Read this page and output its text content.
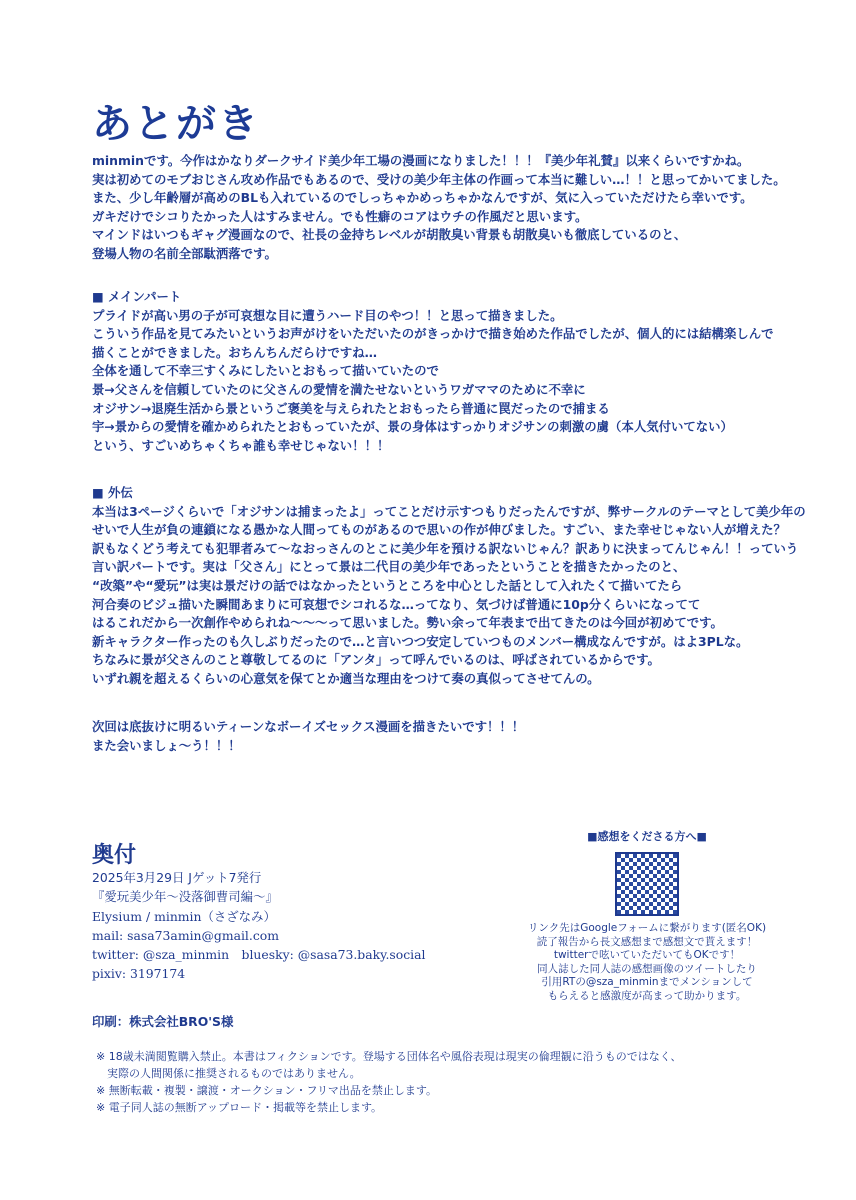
あとがき
minminです。今作はかなりダークサイド美少年工場の漫画になりました！！！『美少年礼賛』以来くらいですかね。
実は初めてのモブおじさん攻め作品でもあるので、受けの美少年主体の作画って本当に難しい…！！と思ってかいてました。
また、少し年齢層が高めのBLも入れているのでしっちゃかめっちゃかなんですが、気に入っていただけたら幸いです。
ガキだけでシコりたかった人はすみません。でも性癖のコアはウチの作風だと思います。
マインドはいつもギャグ漫画なので、社長の金持ちレベルが胡散臭い背景も胡散臭いも徹底しているのと、
登場人物の名前全部駄洒落です。
■ メインパート
プライドが高い男の子が可哀想な目に遭うハード目のやつ！！と思って描きました。
こういう作品を見てみたいというお声がけをいただいたのがきっかけで描き始めた作品でしたが、個人的には結構楽しんで
描くことができました。おちんちんだらけですね…
全体を通して不幸三すくみにしたいとおもって描いていたので
景→父さんを信頼していたのに父さんの愛情を満たせないというワガママのために不幸に
オジサン→退廃生活から景というご褒美を与えられたとおもったら普通に罠だったので捕まる
宇→景からの愛情を確かめられたとおもっていたが、景の身体はすっかりオジサンの刺激の虜（本人気付いてない）
という、すごいめちゃくちゃ誰も幸せじゃない！！！
■ 外伝
本当は3ページくらいで「オジサンは捕まったよ」ってことだけ示すつもりだったんですが、弊サークルのテーマとして美少年の
せいで人生が負の連鎖になる愚かな人間ってものがあるので思いの作が伸びました。すごい、また幸せじゃない人が増えた？
訳もなくどう考えても犯罪者みて～なおっさんのとこに美少年を預ける訳ないじゃん？訳ありに決まってんじゃん！！っていう
言い訳パートです。実は「父さん」にとって景は二代目の美少年であったということを描きたかったのと、
“改築”や“愛玩”は実は景だけの話ではなかったというところを中心とした話として入れたくて描いてたら
河合奏のビジュ描いた瞬間あまりに可哀想でシコれるな…ってなり、気づけば普通に10p分くらいになってて
はるこれだから一次創作やめられね～～～って思いました。勢い余って年表まで出てきたのは今回が初めてです。
新キャラクター作ったのも久しぶりだったので…と言いつつ安定していつものメンバー構成なんですが。はよ3PLな。
ちなみに景が父さんのこと尊敬してるのに「アンタ」って呼んでいるのは、呼ばされているからです。
いずれ親を超えるくらいの心意気を保てとか適当な理由をつけて奏の真似ってさせてんの。
次回は底抜けに明るいティーンなボーイズセックス漫画を描きたいです！！！
また会いましょ～う！！！
奥付
2025年3月29日 Jゲット7発行
『愛玩美少年～没落御曹司編～』
Elysium / minmin（さざなみ）
mail: sasa73amin@gmail.com
twitter: @sza_minmin　bluesky: @sasa73.baky.social
pixiv: 3197174
印刷：株式会社BRO'S様
※ 18歳未満閲覧購入禁止。本書はフィクションです。登場する団体名や風俗表現は現実の倫理観に沿うものではなく、
　実際の人間関係に推奨されるものではありません。
※ 無断転載・複製・譲渡・オークション・フリマ出品を禁止します。
※ 電子同人誌の無断アップロード・掲載等を禁止します。
■感想をくださる方へ■
リンク先はGoogleフォームに繋がります(匿名OK)
読了報告から長文感想まで感想文で貰えます！
twitterで呟いていただいてもOKです！
同人誌した同人誌の感想画像のツイートしたり
引用RTの@sza_minminまでメンションして
もらえると感激度が高まって助かります。
